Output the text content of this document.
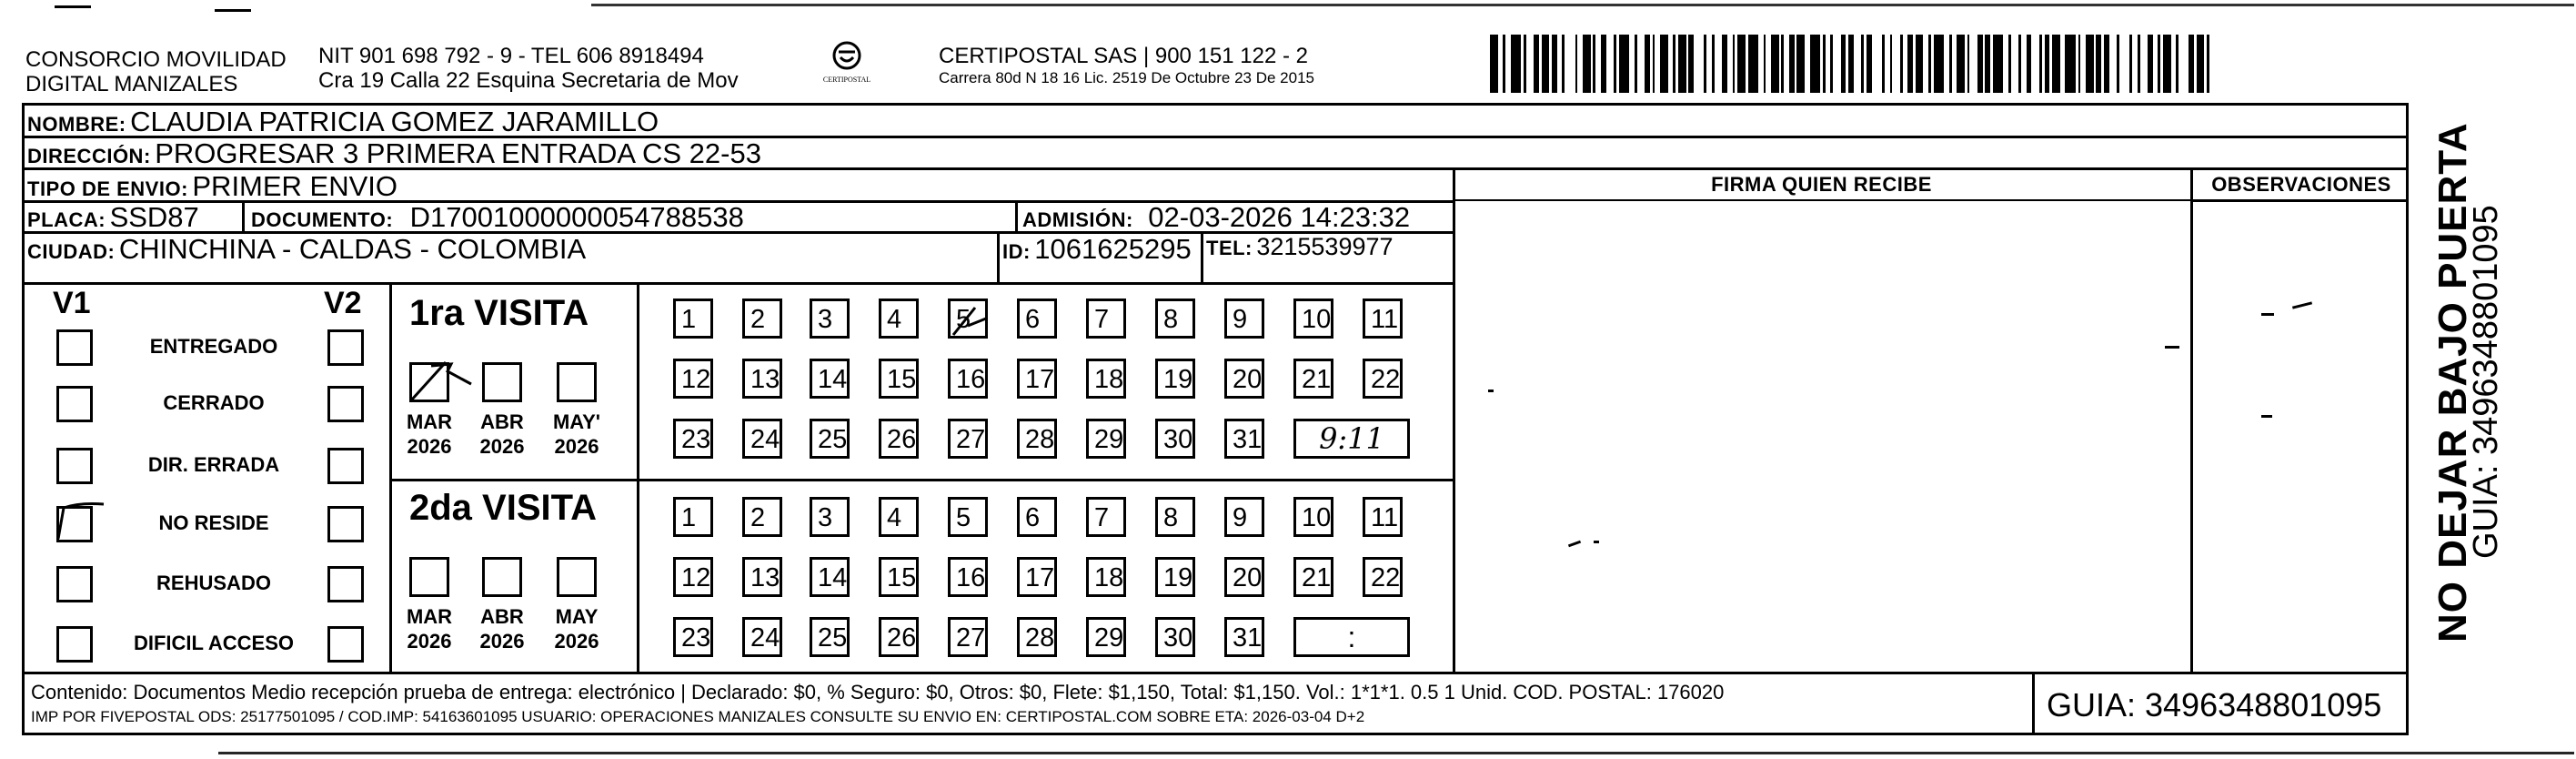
CONSORCIO MOVILIDAD
DIGITAL MANIZALES
NIT 901 698 792 - 9 - TEL 606 8918494
Cra 19 Calla 22 Esquina Secretaria de Mov	CERTIPOSTAL
CERTIPOSTAL SAS | 900 151 122 - 2
Carrera 80d N 18 16 Lic. 2519 De Octubre 23 De 2015
NOMBRE: CLAUDIA PATRICIA GOMEZ JARAMILLO
DIRECCIÓN: PROGRESAR 3 PRIMERA ENTRADA CS 22-53
TIPO DE ENVIO: PRIMER ENVIO
PLACA: SSD87	DOCUMENTO: D17001000000054788538	ADMISIÓN: 02-03-2026 14:23:32
CIUDAD: CHINCHINA - CALDAS - COLOMBIA	ID: 1061625295 TEL: 3215539977
FIRMA QUIEN RECIBE	OBSERVACIONES
V1	V2
ENTREGADO
CERRADO
DIR. ERRADA
NO RESIDE
REHUSADO
DIFICIL ACCESO
1ra VISITA
2da VISITA
MAR
2026
ABR
2026
MAY'
2026
MAR
2026
ABR
2026
MAY
2026
1	2	3	4	5	6	7	8	9	10	11
12	13	14	15	16	17	18	19	20	21	22
23	24	25	26	27	28	29	30	31	9:11
1	2	3	4	5	6	7	8	9	10	11
12	13	14	15	16	17	18	19	20	21	22
23	24	25	26	27	28	29	30	31	:	NO DEJAR BAJO PUERTA
GUIA: 3496348801095
Contenido: Documentos Medio recepción prueba de entrega: electrónico | Declarado: $0, % Seguro: $0, Otros: $0, Flete: $1,150, Total: $1,150. Vol.: 1*1*1. 0.5 1 Unid. COD. POSTAL: 176020
IMP POR FIVEPOSTAL ODS: 25177501095 / COD.IMP: 54163601095 USUARIO: OPERACIONES MANIZALES CONSULTE SU ENVIO EN: CERTIPOSTAL.COM SOBRE ETA: 2026-03-04 D+2	GUIA: 3496348801095
